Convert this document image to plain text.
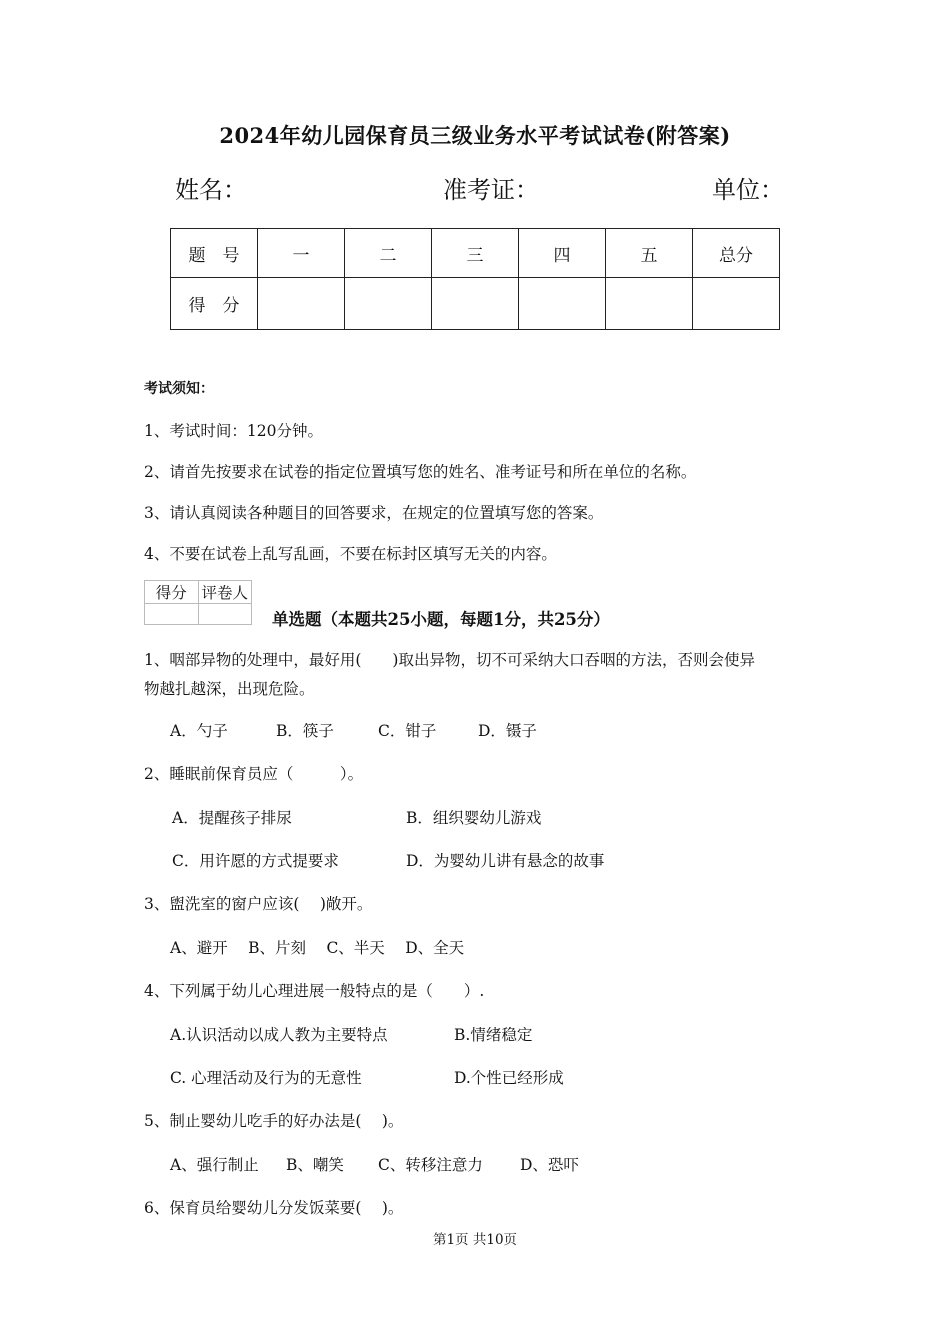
2024年幼儿园保育员三级业务水平考试试卷(附答案)
姓名：	准考证：	单位：
题　号	一	二	三	四	五	总分
得　分						
考试须知：
1、考试时间：120分钟。
2、请首先按要求在试卷的指定位置填写您的姓名、准考证号和所在单位的名称。
3、请认真阅读各种题目的回答要求，在规定的位置填写您的答案。
4、不要在试卷上乱写乱画，不要在标封区填写无关的内容。
得分	评卷人

单选题（本题共25小题，每题1分，共25分）
1、咽部异物的处理中，最好用(　　)取出异物，切不可采纳大口吞咽的方法，否则会使异
物越扎越深，出现危险。
A．勺子	B．筷子	C．钳子	D．镊子
2、睡眠前保育员应（　　　）。
A．提醒孩子排尿	B．组织婴幼儿游戏
C．用许愿的方式提要求	D．为婴幼儿讲有悬念的故事
3、盥洗室的窗户应该(　 )敞开。
A、避开　 B、片刻　 C、半天　 D、全天
4、下列属于幼儿心理进展一般特点的是（　　）.
A.认识活动以成人教为主要特点	B.情绪稳定
C. 心理活动及行为的无意性	D.个性已经形成
5、制止婴幼儿吃手的好办法是(　 )。
A、强行制止 B、嘲笑 C、转移注意力 D、恐吓
6、保育员给婴幼儿分发饭菜要(　 )。
第1页 共10页
